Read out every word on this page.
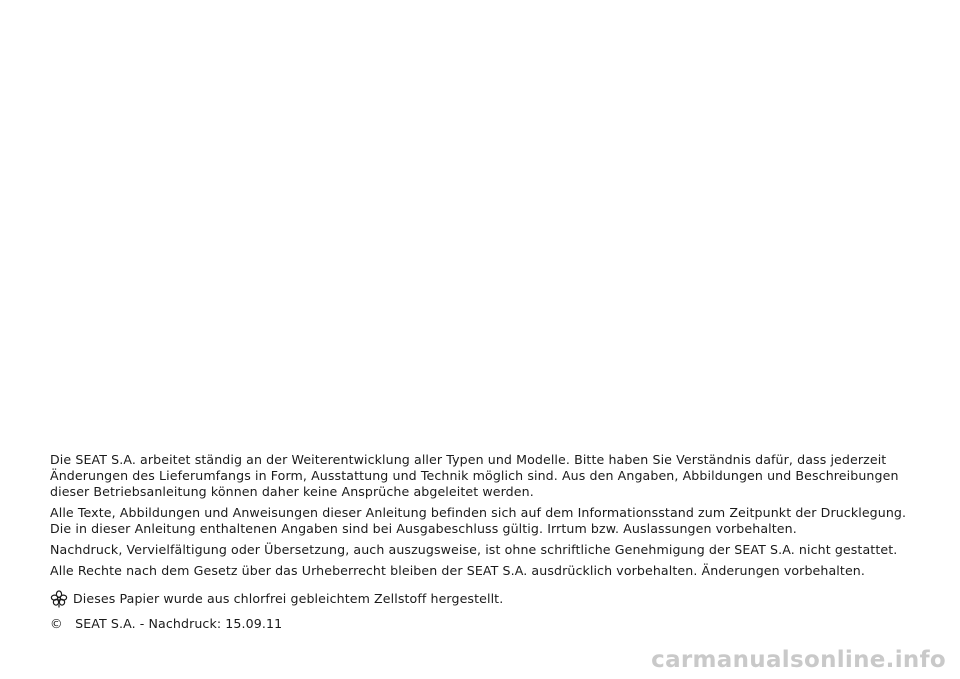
Die SEAT S.A. arbeitet ständig an der Weiterentwicklung aller Typen und Modelle. Bitte haben Sie Verständnis dafür, dass jederzeit
Änderungen des Lieferumfangs in Form, Ausstattung und Technik möglich sind. Aus den Angaben, Abbildungen und Beschreibungen
dieser Betriebsanleitung können daher keine Ansprüche abgeleitet werden.

Alle Texte, Abbildungen und Anweisungen dieser Anleitung befinden sich auf dem Informationsstand zum Zeitpunkt der Drucklegung.
Die in dieser Anleitung enthaltenen Angaben sind bei Ausgabeschluss gültig. Irrtum bzw. Auslassungen vorbehalten.

Nachdruck, Vervielfältigung oder Übersetzung, auch auszugsweise, ist ohne schriftliche Genehmigung der SEAT S.A. nicht gestattet.

Alle Rechte nach dem Gesetz über das Urheberrecht bleiben der SEAT S.A. ausdrücklich vorbehalten. Änderungen vorbehalten.

Dieses Papier wurde aus chlorfrei gebleichtem Zellstoff hergestellt.
© SEAT S.A. - Nachdruck: 15.09.11
carmanualsonline.info
